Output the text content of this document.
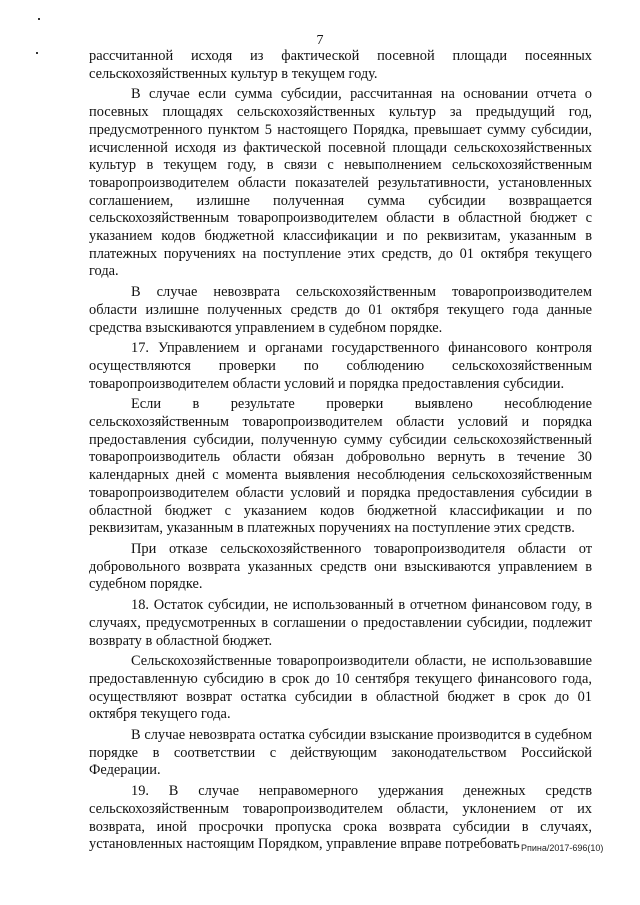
7

рассчитанной исходя из фактической посевной площади посеянных сельскохозяйственных культур в текущем году.

В случае если сумма субсидии, рассчитанная на основании отчета о посевных площадях сельскохозяйственных культур за предыдущий год, предусмотренного пунктом 5 настоящего Порядка, превышает сумму субсидии, исчисленной исходя из фактической посевной площади сельскохозяйственных культур в текущем году, в связи с невыполнением сельскохозяйственным товаропроизводителем области показателей результативности, установленных соглашением, излишне полученная сумма субсидии возвращается сельскохозяйственным товаропроизводителем области в областной бюджет с указанием кодов бюджетной классификации и по реквизитам, указанным в платежных поручениях на поступление этих средств, до 01 октября текущего года.

В случае невозврата сельскохозяйственным товаропроизводителем области излишне полученных средств до 01 октября текущего года данные средства взыскиваются управлением в судебном порядке.

17. Управлением и органами государственного финансового контроля осуществляются проверки по соблюдению сельскохозяйственным товаропроизводителем области условий и порядка предоставления субсидии.

Если в результате проверки выявлено несоблюдение сельскохозяйственным товаропроизводителем области условий и порядка предоставления субсидии, полученную сумму субсидии сельскохозяйственный товаропроизводитель области обязан добровольно вернуть в течение 30 календарных дней с момента выявления несоблюдения сельскохозяйственным товаропроизводителем области условий и порядка предоставления субсидии в областной бюджет с указанием кодов бюджетной классификации и по реквизитам, указанным в платежных поручениях на поступление этих средств.

При отказе сельскохозяйственного товаропроизводителя области от добровольного возврата указанных средств они взыскиваются управлением в судебном порядке.

18. Остаток субсидии, не использованный в отчетном финансовом году, в случаях, предусмотренных в соглашении о предоставлении субсидии, подлежит возврату в областной бюджет.

Сельскохозяйственные товаропроизводители области, не использовавшие предоставленную субсидию в срок до 10 сентября текущего финансового года, осуществляют возврат остатка субсидии в областной бюджет в срок до 01 октября текущего года.

В случае невозврата остатка субсидии взыскание производится в судебном порядке в соответствии с действующим законодательством Российской Федерации.

19. В случае неправомерного удержания денежных средств сельскохозяйственным товаропроизводителем области, уклонением от их возврата, иной просрочки пропуска срока возврата субсидии в случаях, установленных настоящим Порядком, управление вправе потребовать Рпина/2017-696(10)
